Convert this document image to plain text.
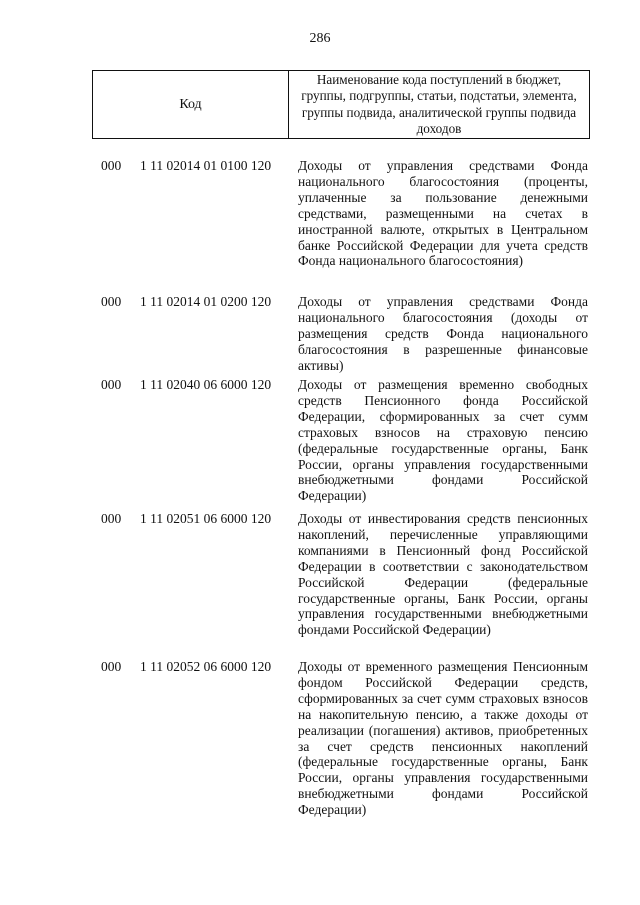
286
Код
Наименование кода поступлений в бюджет, группы, подгруппы, статьи, подстатьи, элемента, группы подвида, аналитической группы подвида доходов
000 1 11 02014 01 0100 120 Доходы от управления средствами Фонда национального благосостояния (проценты, уплаченные за пользование денежными средствами, размещенными на счетах в иностранной валюте, открытых в Центральном банке Российской Федерации для учета средств Фонда национального благосостояния)
000 1 11 02014 01 0200 120 Доходы от управления средствами Фонда национального благосостояния (доходы от размещения средств Фонда национального благосостояния в разрешенные финансовые активы)
000 1 11 02040 06 6000 120 Доходы от размещения временно свободных средств Пенсионного фонда Российской Федерации, сформированных за счет сумм страховых взносов на страховую пенсию (федеральные государственные органы, Банк России, органы управления государственными внебюджетными фондами Российской Федерации)
000 1 11 02051 06 6000 120 Доходы от инвестирования средств пенсионных накоплений, перечисленные управляющими компаниями в Пенсионный фонд Российской Федерации в соответствии с законодательством Российской Федерации (федеральные государственные органы, Банк России, органы управления государственными внебюджетными фондами Российской Федерации)
000 1 11 02052 06 6000 120 Доходы от временного размещения Пенсионным фондом Российской Федерации средств, сформированных за счет сумм страховых взносов на накопительную пенсию, а также доходы от реализации (погашения) активов, приобретенных за счет средств пенсионных накоплений (федеральные государственные органы, Банк России, органы управления государственными внебюджетными фондами Российской Федерации)
